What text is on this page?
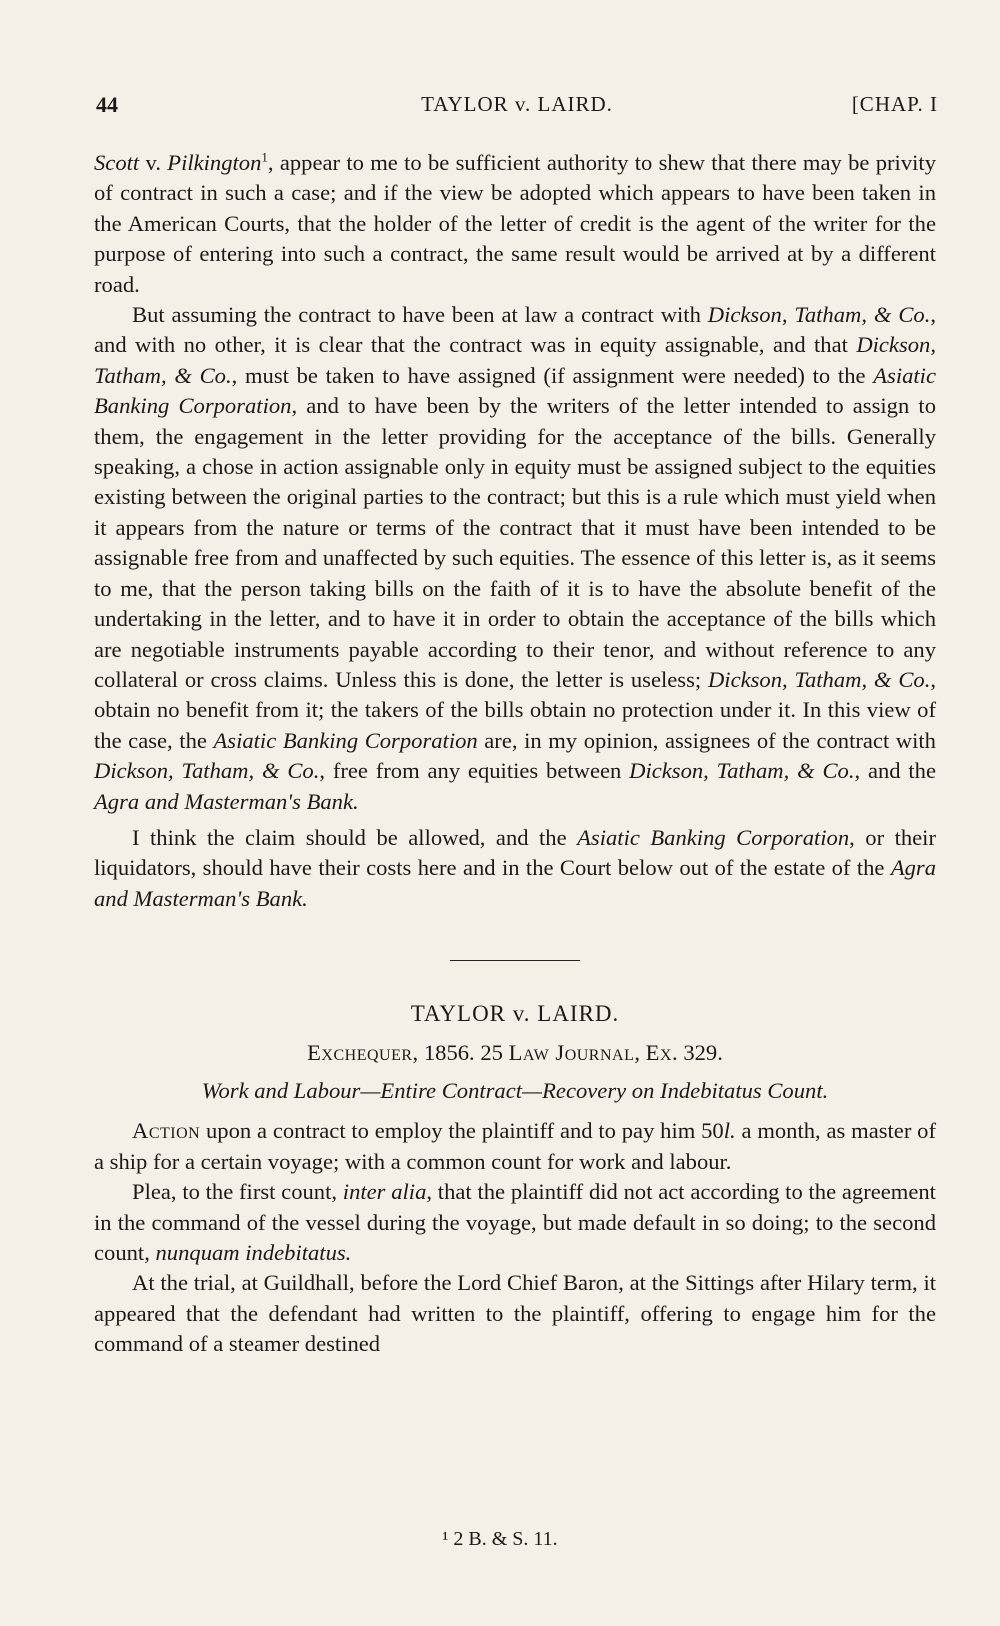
44	TAYLOR v. LAIRD.	[CHAP. I

Scott v. Pilkington$^1$, appear to me to be sufficient authority to shew that there may be privity of contract in such a case; and if the view be adopted which appears to have been taken in the American Courts, that the holder of the letter of credit is the agent of the writer for the purpose of entering into such a contract, the same result would be arrived at by a different road.

But assuming the contract to have been at law a contract with Dickson, Tatham, & Co., and with no other, it is clear that the contract was in equity assignable, and that Dickson, Tatham, & Co., must be taken to have assigned (if assignment were needed) to the Asiatic Banking Corporation, and to have been by the writers of the letter intended to assign to them, the engagement in the letter providing for the acceptance of the bills. Generally speaking, a chose in action assignable only in equity must be assigned subject to the equities existing between the original parties to the contract; but this is a rule which must yield when it appears from the nature or terms of the contract that it must have been intended to be assignable free from and unaffected by such equities. The essence of this letter is, as it seems to me, that the person taking bills on the faith of it is to have the absolute benefit of the undertaking in the letter, and to have it in order to obtain the acceptance of the bills which are negotiable instruments payable according to their tenor, and without reference to any collateral or cross claims. Unless this is done, the letter is useless; Dickson, Tatham, & Co., obtain no benefit from it; the takers of the bills obtain no protection under it. In this view of the case, the Asiatic Banking Corporation are, in my opinion, assignees of the contract with Dickson, Tatham, & Co., free from any equities between Dickson, Tatham, & Co., and the Agra and Masterman's Bank.

I think the claim should be allowed, and the Asiatic Banking Corporation, or their liquidators, should have their costs here and in the Court below out of the estate of the Agra and Masterman's Bank.

TAYLOR v. LAIRD.
Exchequer, 1856. 25 Law Journal, Ex. 329.
Work and Labour—Entire Contract—Recovery on Indebitatus Count.

Action upon a contract to employ the plaintiff and to pay him 50l. a month, as master of a ship for a certain voyage; with a common count for work and labour.

Plea, to the first count, inter alia, that the plaintiff did not act according to the agreement in the command of the vessel during the voyage, but made default in so doing; to the second count, nunquam indebitatus.

At the trial, at Guildhall, before the Lord Chief Baron, at the Sittings after Hilary term, it appeared that the defendant had written to the plaintiff, offering to engage him for the command of a steamer destined

¹ 2 B. & S. 11.
